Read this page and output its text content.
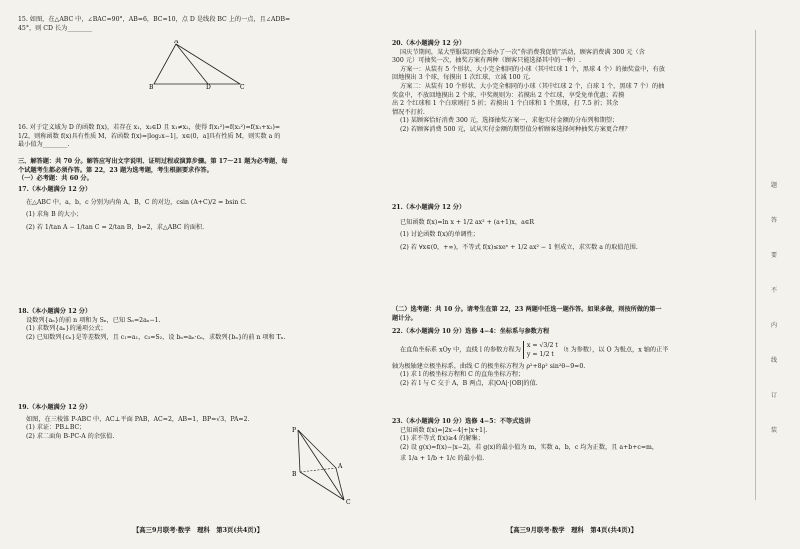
15. 如图，在△ABC 中，∠BAC=90°，AB=6，BC=10，点 D 是线段 BC 上的一点，且∠ADB=

45°，则 CD 长为________

A
B	D	C

16. 对于定义域为 D 的函数 f(x)，若存在 x₁，x₂∈D 且 x₁≠x₂，使得 f(x₁²)=f(x₂²)=f(x₁+x₂)=

1/2，则称函数 f(x)具有性质 M，若函数 f(x)=|log₂x−1|，x∈(0，a]具有性质 M，则实数 a 的

最小值为________.

三、解答题：共 70 分。解答应写出文字说明、证明过程或演算步骤。第 17～21 题为必考题，每

个试题考生都必须作答。第 22，23 题为选考题，考生根据要求作答。

（一）必考题：共 60 分。

17.（本小题满分 12 分）

在△ABC 中，a，b，c 分别为内角 A，B，C 的对边，csin (A+C)/2 = bsin C.

(1) 求角 B 的大小；

(2) 若 1/tan A − 1/tan C = 2/tan B，b=2，求△ABC 的面积.

18.（本小题满分 12 分）

设数列{aₙ}的前 n 项和为 Sₙ，已知 Sₙ=2aₙ−1.

(1) 求数列{aₙ}的通项公式；

(2) 已知数列{cₙ}是等差数列，且 c₁=a₁，c₃=S₂，设 bₙ=aₙ·cₙ，求数列{bₙ}的前 n 项和 Tₙ.

19.（本小题满分 12 分）

如图，在三棱锥 P-ABC 中，AC⊥平面 PAB，AC=2，AB=1，BP=√3，PA=2.

(1) 求证：PB⊥BC；

(2) 求二面角 B-PC-A 的余弦值.

P
B
A
C
【高三9月联考·数学　理科　第3页(共4页)】

20.（本小题满分 12 分）

国庆节期间，某大型服装团购会举办了一次“你消费我促销”活动，顾客消费满 300 元（含

300 元）可抽奖一次，抽奖方案有两种（顾客只能选择其中的一种）.

方案一：从装有 5 个形状、大小完全相同的小球（其中红球 1 个，黑球 4 个）的抽奖盒中，有放

回地摸出 3 个球，每摸出 1 次红球，立减 100 元.

方案二：从装有 10 个形状、大小完全相同的小球（其中红球 2 个，白球 1 个，黑球 7 个）的抽

奖盒中，不放回地摸出 2 个球，中奖规则为：若摸出 2 个红球，享受免单优惠；若摸

出 2 个红球和 1 个白球则打 5 折；若摸出 1 个白球和 1 个黑球，打 7.5 折；其余

情况不打折.

(1) 某顾客恰好消费 300 元，选择抽奖方案一，求他实付金额的分布列和期望；

(2) 若顾客消费 500 元，试从实付金额的期望值分析顾客选择何种抽奖方案更合理？

21.（本小题满分 12 分）

已知函数 f(x)=ln x + 1/2 ax² + (a+1)x，a∈R

(1) 讨论函数 f(x)的单调性；

(2) 若 ∀x∈(0，+∞)，不等式 f(x)≤xeˣ + 1/2 ax² − 1 恒成立，求实数 a 的取值范围.

（二）选考题：共 10 分。请考生在第 22，23 两题中任选一题作答。如果多做，则按所做的第一

题计分。

22.（本小题满分 10 分）选修 4−4：坐标系与参数方程

在直角坐标系 xOy 中，直线 l 的参数方程为
x = √3/2 t
y = 1/2 t
（t 为参数），以 O 为极点，x 轴的正半

轴为极轴建立极坐标系，曲线 C 的极坐标方程为 ρ²+8ρ² sin²θ−9=0.

(1) 求 l 的极坐标方程和 C 的直角坐标方程；

(2) 若 l 与 C 交于 A，B 两点，求|OA|·|OB|的值.

23.（本小题满分 10 分）选修 4−5：不等式选讲

已知函数 f(x)=|2x−4|+|x+1|.

(1) 求不等式 f(x)≥4 的解集；

(2) 设 g(x)=f(x)−|x−2|，若 g(x)的最小值为 m，实数 a，b，c 均为正数，且 a+b+c=m，

求 1/a + 1/b + 1/c 的最小值.

【高三9月联考·数学　理科　第4页(共4页)】
题
答
要
不
内
线
订
装
